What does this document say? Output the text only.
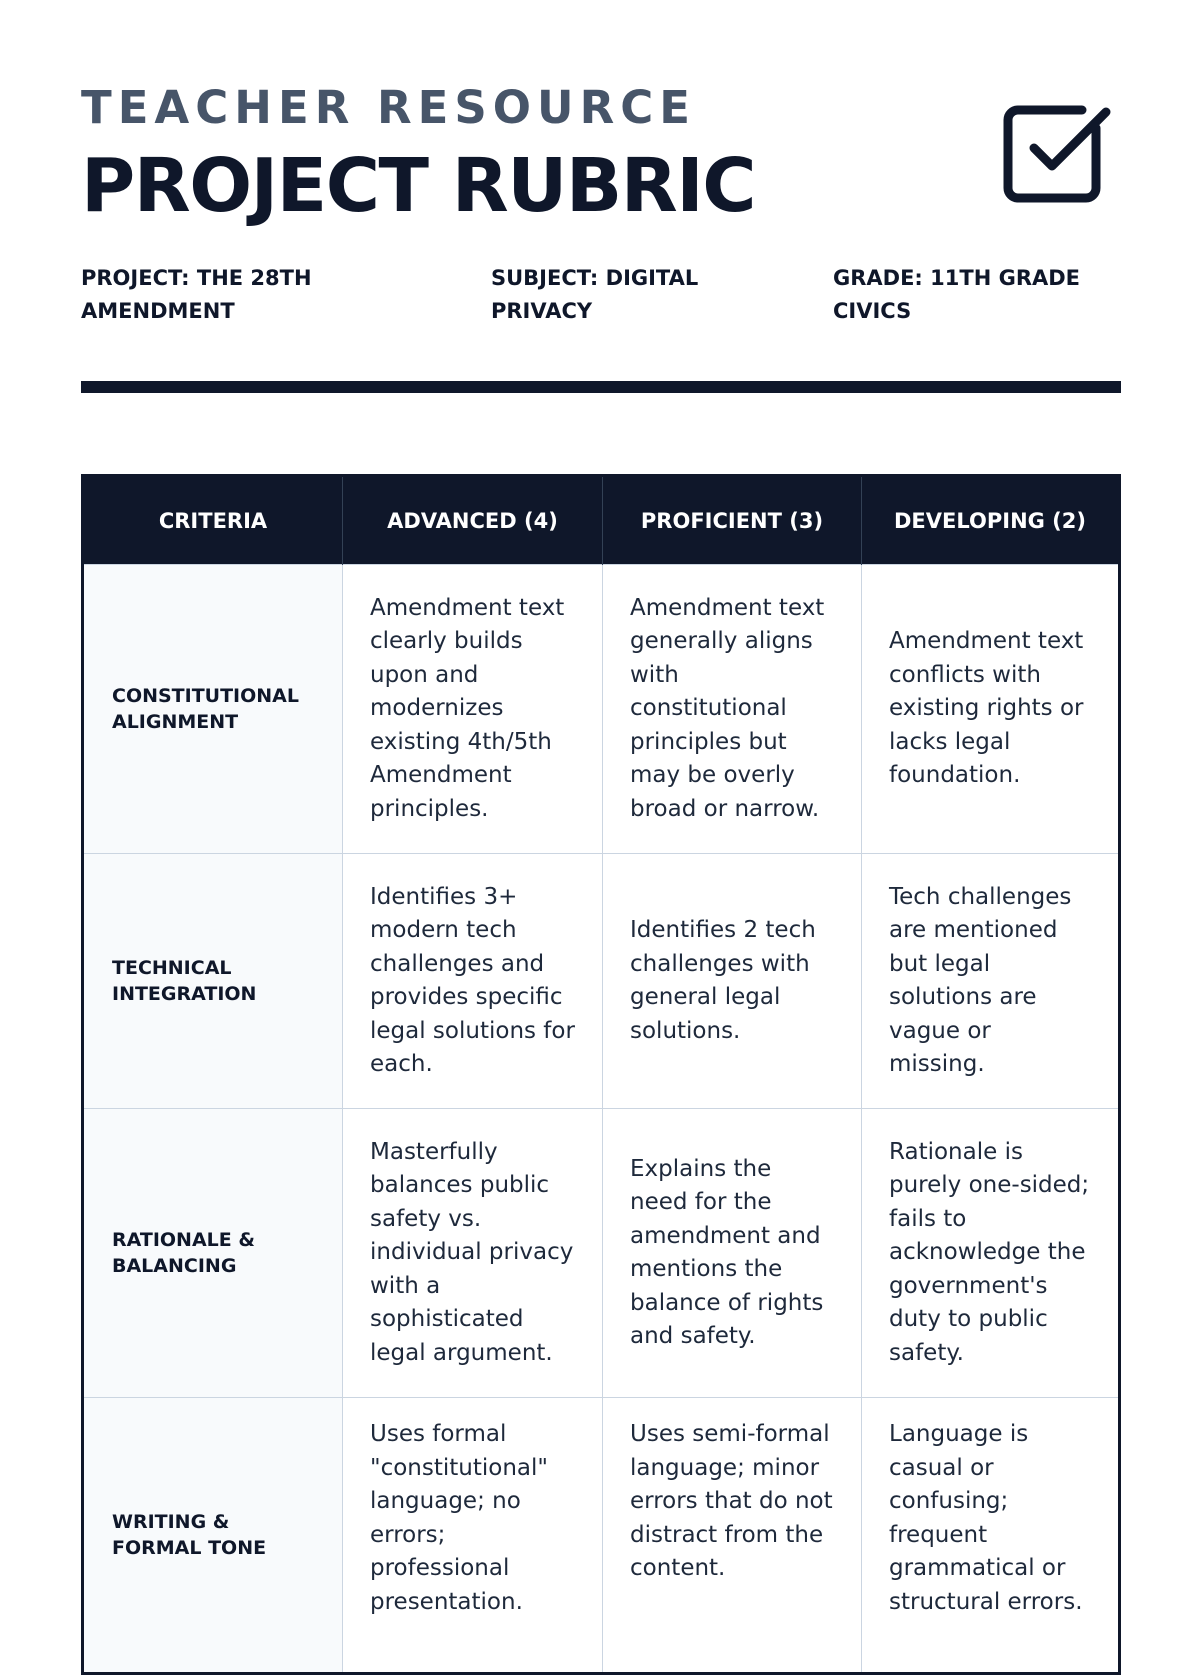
TEACHER RESOURCE
PROJECT RUBRIC
PROJECT: THE 28TH AMENDMENT
SUBJECT: DIGITAL PRIVACY
GRADE: 11TH GRADE CIVICS
CRITERIA	ADVANCED (4)	PROFICIENT (3)	DEVELOPING (2)
CONSTITUTIONAL ALIGNMENT	Amendment text clearly builds upon and modernizes existing 4th/5th Amendment principles.	Amendment text generally aligns with constitutional principles but may be overly broad or narrow.	Amendment text conflicts with existing rights or lacks legal foundation.
TECHNICAL INTEGRATION	Identifies 3+ modern tech challenges and provides specific legal solutions for each.	Identifies 2 tech challenges with general legal solutions.	Tech challenges are mentioned but legal solutions are vague or missing.
RATIONALE & BALANCING	Masterfully balances public safety vs. individual privacy with a sophisticated legal argument.	Explains the need for the amendment and mentions the balance of rights and safety.	Rationale is purely one-sided; fails to acknowledge the government's duty to public safety.
WRITING & FORMAL TONE	Uses formal "constitutional" language; no errors; professional presentation.	Uses semi-formal language; minor errors that do not distract from the content.	Language is casual or confusing; frequent grammatical or structural errors.
